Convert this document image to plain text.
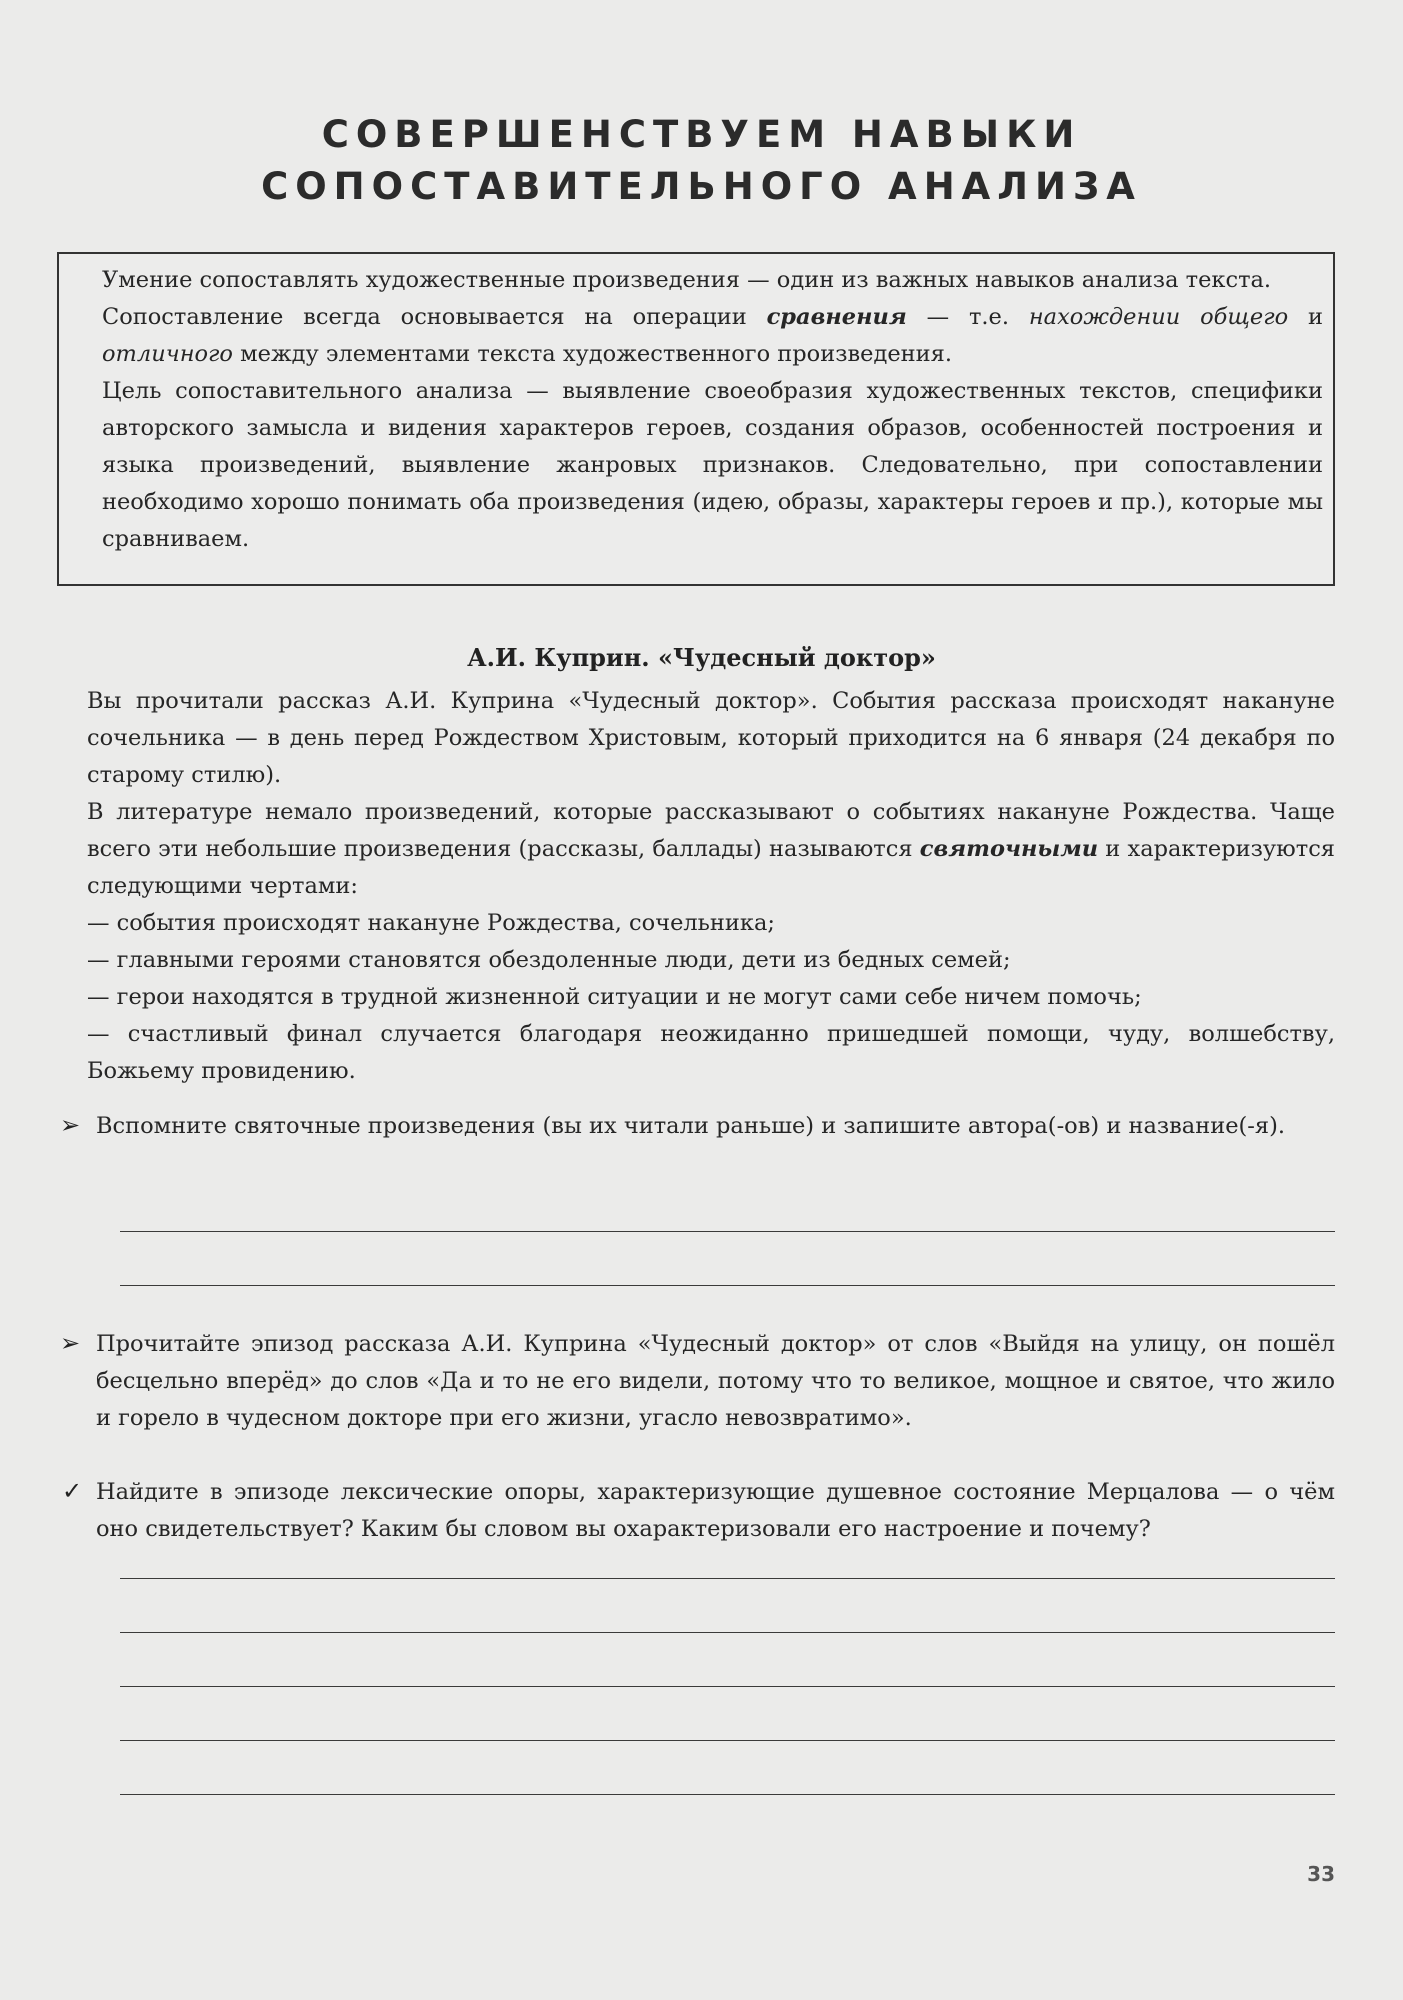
СОВЕРШЕНСТВУЕМ НАВЫКИ
СОПОСТАВИТЕЛЬНОГО АНАЛИЗА
Умение сопоставлять художественные произведения — один из важных навыков анализа текста.
Сопоставление всегда основывается на операции сравнения — т.е. нахождении общего и отличного между элементами текста художественного произведения.
Цель сопоставительного анализа — выявление своеобразия художественных текстов, специфики авторского замысла и видения характеров героев, создания образов, особенностей построения и языка произведений, выявление жанровых признаков. Следовательно, при сопоставлении необходимо хорошо понимать оба произведения (идею, образы, характеры героев и пр.), которые мы сравниваем.
А.И. Куприн. «Чудесный доктор»
Вы прочитали рассказ А.И. Куприна «Чудесный доктор». События рассказа происходят накануне сочельника — в день перед Рождеством Христовым, который приходится на 6 января (24 декабря по старому стилю).
В литературе немало произведений, которые рассказывают о событиях накануне Рождества. Чаще всего эти небольшие произведения (рассказы, баллады) называются святочными и характеризуются следующими чертами:
— события происходят накануне Рождества, сочельника;
— главными героями становятся обездоленные люди, дети из бедных семей;
— герои находятся в трудной жизненной ситуации и не могут сами себе ничем помочь;
— счастливый финал случается благодаря неожиданно пришедшей помощи, чуду, волшебству, Божьему провидению.
➢ Вспомните святочные произведения (вы их читали раньше) и запишите автора(-ов) и название(-я).
➢ Прочитайте эпизод рассказа А.И. Куприна «Чудесный доктор» от слов «Выйдя на улицу, он пошёл бесцельно вперёд» до слов «Да и то не его видели, потому что то великое, мощное и святое, что жило и горело в чудесном докторе при его жизни, угасло невозвратимо».
✓ Найдите в эпизоде лексические опоры, характеризующие душевное состояние Мерцалова — о чём оно свидетельствует? Каким бы словом вы охарактеризовали его настроение и почему?
33
